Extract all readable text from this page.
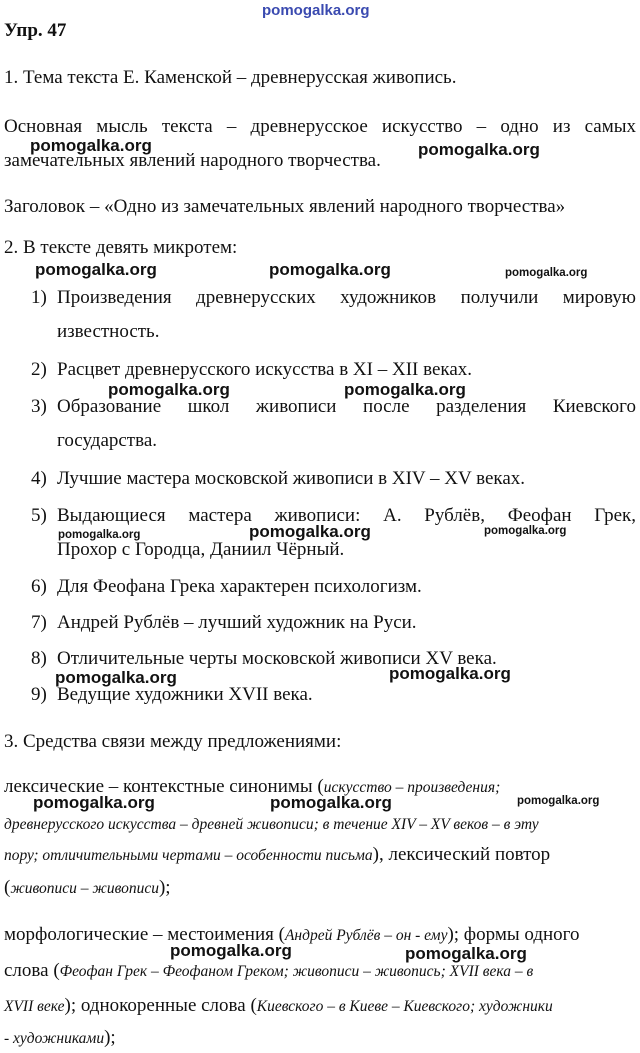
pomogalka.org
pomogalka.org	pomogalka.org
pomogalka.org	pomogalka.org	pomogalka.org
pomogalka.org	pomogalka.org
pomogalka.org	pomogalka.org	pomogalka.org
pomogalka.org	pomogalka.org
pomogalka.org	pomogalka.org	pomogalka.org
pomogalka.org	pomogalka.org
Упр. 47
1. Тема текста Е. Каменской – древнерусская живопись.
Основная мысль текста – древнерусское искусство – одно из самых
замечательных явлений народного творчества.
Заголовок – «Одно из замечательных явлений народного творчества»
2. В тексте девять микротем:
1) Произведения древнерусских художников получили мировую
известность.
2) Расцвет древнерусского искусства в XI – XII веках.
3) Образование школ живописи после разделения Киевского
государства.
4) Лучшие мастера московской живописи в XIV – XV веках.
5) Выдающиеся мастера живописи: А. Рублёв, Феофан Грек,
Прохор с Городца, Даниил Чёрный.
6) Для Феофана Грека характерен психологизм.
7) Андрей Рублёв – лучший художник на Руси.
8) Отличительные черты московской живописи XV века.
9) Ведущие художники XVII века.
3. Средства связи между предложениями:
лексические – контекстные синонимы (искусство – произведения;
древнерусского искусства – древней живописи; в течение XIV – XV веков – в эту
пору; отличительными чертами – особенности письма), лексический повтор
(живописи – живописи);
морфологические – местоимения (Андрей Рублёв – он - ему); формы одного
слова (Феофан Грек – Феофаном Греком; живописи – живопись; XVII века – в
XVII веке); однокоренные слова (Киевского – в Киеве – Киевского; художники
- художниками);
